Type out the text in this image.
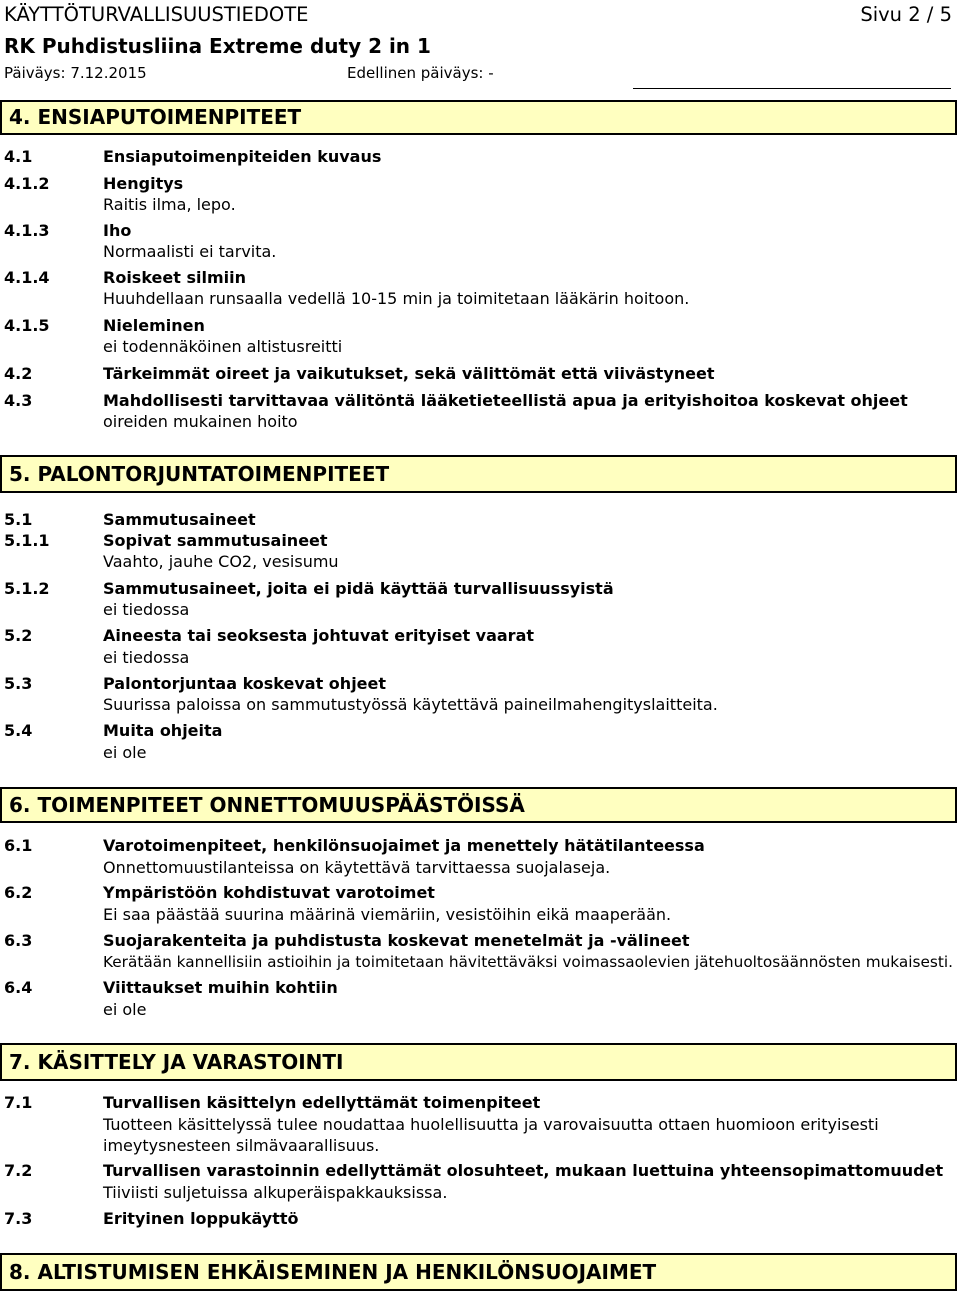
KÄYTTÖTURVALLISUUSTIEDOTE	Sivu 2 / 5
RK Puhdistusliina Extreme duty 2 in 1
Päiväys: 7.12.2015	Edellinen päiväys: -
4. ENSIAPUTOIMENPITEET
4.1	Ensiaputoimenpiteiden kuvaus
4.1.2	Hengitys
Raitis ilma, lepo.
4.1.3	Iho
Normaalisti ei tarvita.
4.1.4	Roiskeet silmiin
Huuhdellaan runsaalla vedellä 10-15 min ja toimitetaan lääkärin hoitoon.
4.1.5	Nieleminen
ei todennäköinen altistusreitti
4.2	Tärkeimmät oireet ja vaikutukset, sekä välittömät että viivästyneet
4.3	Mahdollisesti tarvittavaa välitöntä lääketieteellistä apua ja erityishoitoa koskevat ohjeet
oireiden mukainen hoito
5. PALONTORJUNTATOIMENPITEET
5.1	Sammutusaineet
5.1.1	Sopivat sammutusaineet
Vaahto, jauhe CO2, vesisumu
5.1.2	Sammutusaineet, joita ei pidä käyttää turvallisuussyistä
ei tiedossa
5.2	Aineesta tai seoksesta johtuvat erityiset vaarat
ei tiedossa
5.3	Palontorjuntaa koskevat ohjeet
Suurissa paloissa on sammutustyössä käytettävä paineilmahengityslaitteita.
5.4	Muita ohjeita
ei ole
6. TOIMENPITEET ONNETTOMUUSPÄÄSTÖISSÄ
6.1	Varotoimenpiteet, henkilönsuojaimet ja menettely hätätilanteessa
Onnettomuustilanteissa on käytettävä tarvittaessa suojalaseja.
6.2	Ympäristöön kohdistuvat varotoimet
Ei saa päästää suurina määrinä viemäriin, vesistöihin eikä maaperään.
6.3	Suojarakenteita ja puhdistusta koskevat menetelmät ja -välineet
Kerätään kannellisiin astioihin ja toimitetaan hävitettäväksi voimassaolevien jätehuoltosäännösten mukaisesti.
6.4	Viittaukset muihin kohtiin
ei ole
7. KÄSITTELY JA VARASTOINTI
7.1	Turvallisen käsittelyn edellyttämät toimenpiteet
Tuotteen käsittelyssä tulee noudattaa huolellisuutta ja varovaisuutta ottaen huomioon erityisesti imeytysnesteen silmävaarallisuus.
7.2	Turvallisen varastoinnin edellyttämät olosuhteet, mukaan luettuina yhteensopimattomuudet
Tiiviisti suljetuissa alkuperäispakkauksissa.
7.3	Erityinen loppukäyttö
8. ALTISTUMISEN EHKÄISEMINEN JA HENKILÖNSUOJAIMET
